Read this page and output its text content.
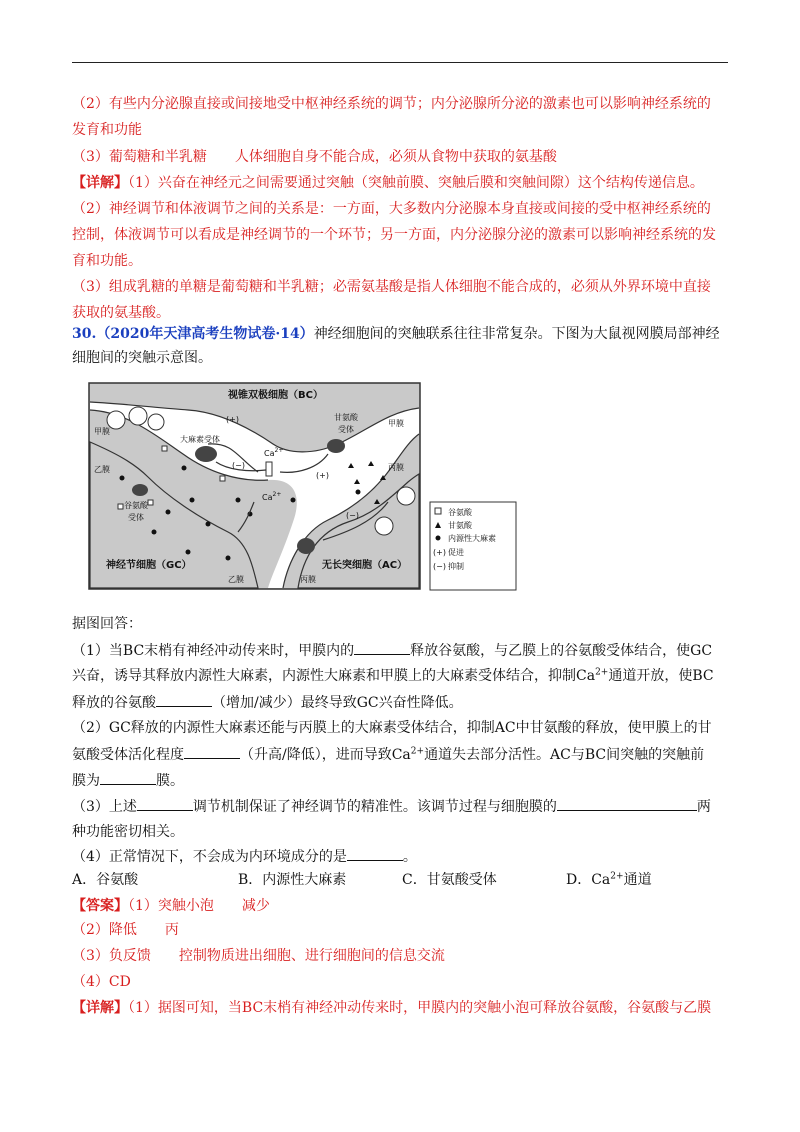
（2）有些内分泌腺直接或间接地受中枢神经系统的调节；内分泌腺所分泌的激素也可以影响神经系统的
发育和功能
（3）葡萄糖和半乳糖　　人体细胞自身不能合成，必须从食物中获取的氨基酸
【详解】（1）兴奋在神经元之间需要通过突触（突触前膜、突触后膜和突触间隙）这个结构传递信息。
（2）神经调节和体液调节之间的关系是：一方面，大多数内分泌腺本身直接或间接的受中枢神经系统的
控制，体液调节可以看成是神经调节的一个环节；另一方面，内分泌腺分泌的激素可以影响神经系统的发
育和功能。
（3）组成乳糖的单糖是葡萄糖和半乳糖；必需氨基酸是指人体细胞不能合成的，必须从外界环境中直接
获取的氨基酸。
30.（2020年天津高考生物试卷·14）神经细胞间的突触联系往往非常复杂。下图为大鼠视网膜局部神经
细胞间的突触示意图。
视锥双极细胞（BC）
甲膜
甲膜
乙膜
乙膜
丙膜
丙膜
大麻素受体
甘氨酸
受体
谷氨酸
受体
(+)
(+)
(−)
(−)
$Ca^{2+}$
$Ca^{2+}$
神经节细胞（GC）	无长突细胞（AC）
谷氨酸
甘氨酸
内源性大麻素
(+) 促进
(−) 抑制
据图回答：
（1）当BC末梢有神经冲动传来时，甲膜内的	释放谷氨酸，与乙膜上的谷氨酸受体结合，使GC
兴奋，诱导其释放内源性大麻素，内源性大麻素和甲膜上的大麻素受体结合，抑制$Ca^{2+}$通道开放，使BC
释放的谷氨酸	（增加/减少）最终导致GC兴奋性降低。
（2）GC释放的内源性大麻素还能与丙膜上的大麻素受体结合，抑制AC中甘氨酸的释放，使甲膜上的甘
氨酸受体活化程度	（升高/降低），进而导致$Ca^{2+}$通道失去部分活性。AC与BC间突触的突触前
膜为	膜。
（3）上述	调节机制保证了神经调节的精准性。该调节过程与细胞膜的	两
种功能密切相关。
（4）正常情况下，不会成为内环境成分的是	。
A．谷氨酸	B．内源性大麻素	C．甘氨酸受体	D．$Ca^{2+}$通道
【答案】（1）突触小泡　　减少
（2）降低　　丙
（3）负反馈　　控制物质进出细胞、进行细胞间的信息交流
（4）CD
【详解】（1）据图可知，当BC末梢有神经冲动传来时，甲膜内的突触小泡可释放谷氨酸，谷氨酸与乙膜
